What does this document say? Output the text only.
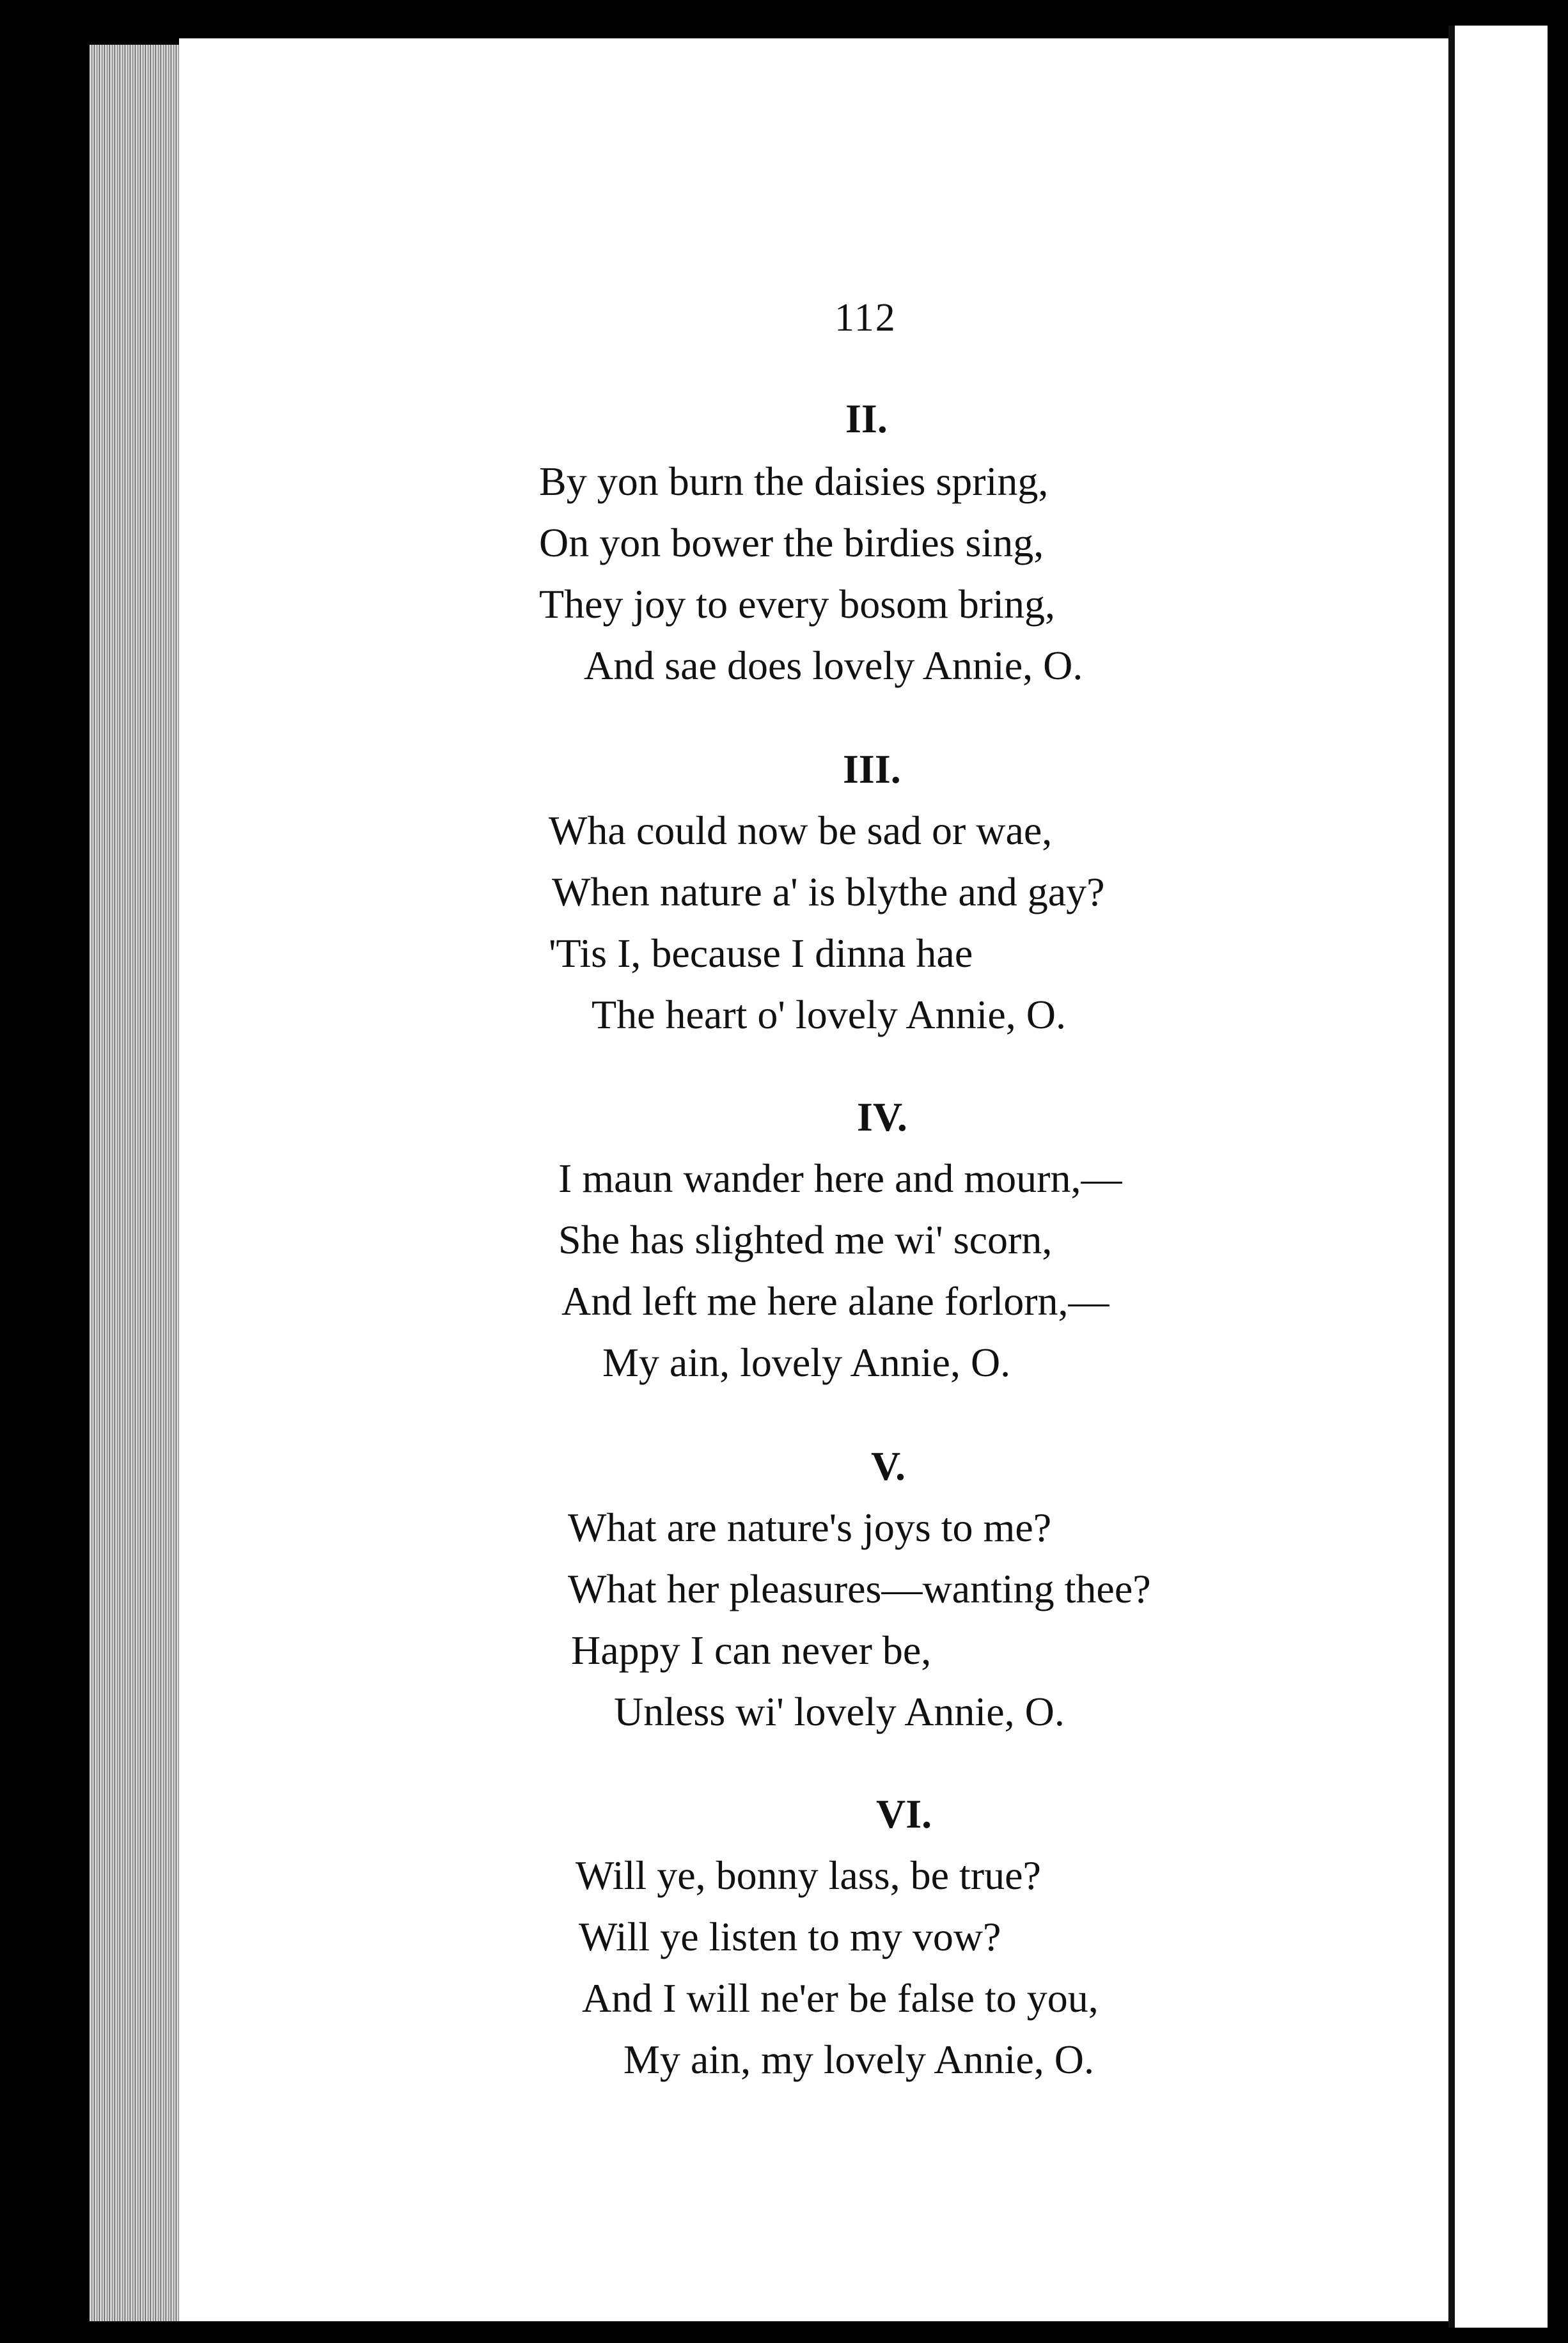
112

II.

By yon burn the daisies spring,

On yon bower the birdies sing,

They joy to every bosom bring,

And sae does lovely Annie, O.

III.

Wha could now be sad or wae,

When nature a' is blythe and gay?

'Tis I, because I dinna hae

The heart o' lovely Annie, O.

IV.

I maun wander here and mourn,—

She has slighted me wi' scorn,

And left me here alane forlorn,—

My ain, lovely Annie, O.

V.

What are nature's joys to me?

What her pleasures—wanting thee?

Happy I can never be,

Unless wi' lovely Annie, O.

VI.

Will ye, bonny lass, be true?

Will ye listen to my vow?

And I will ne'er be false to you,

My ain, my lovely Annie, O.
